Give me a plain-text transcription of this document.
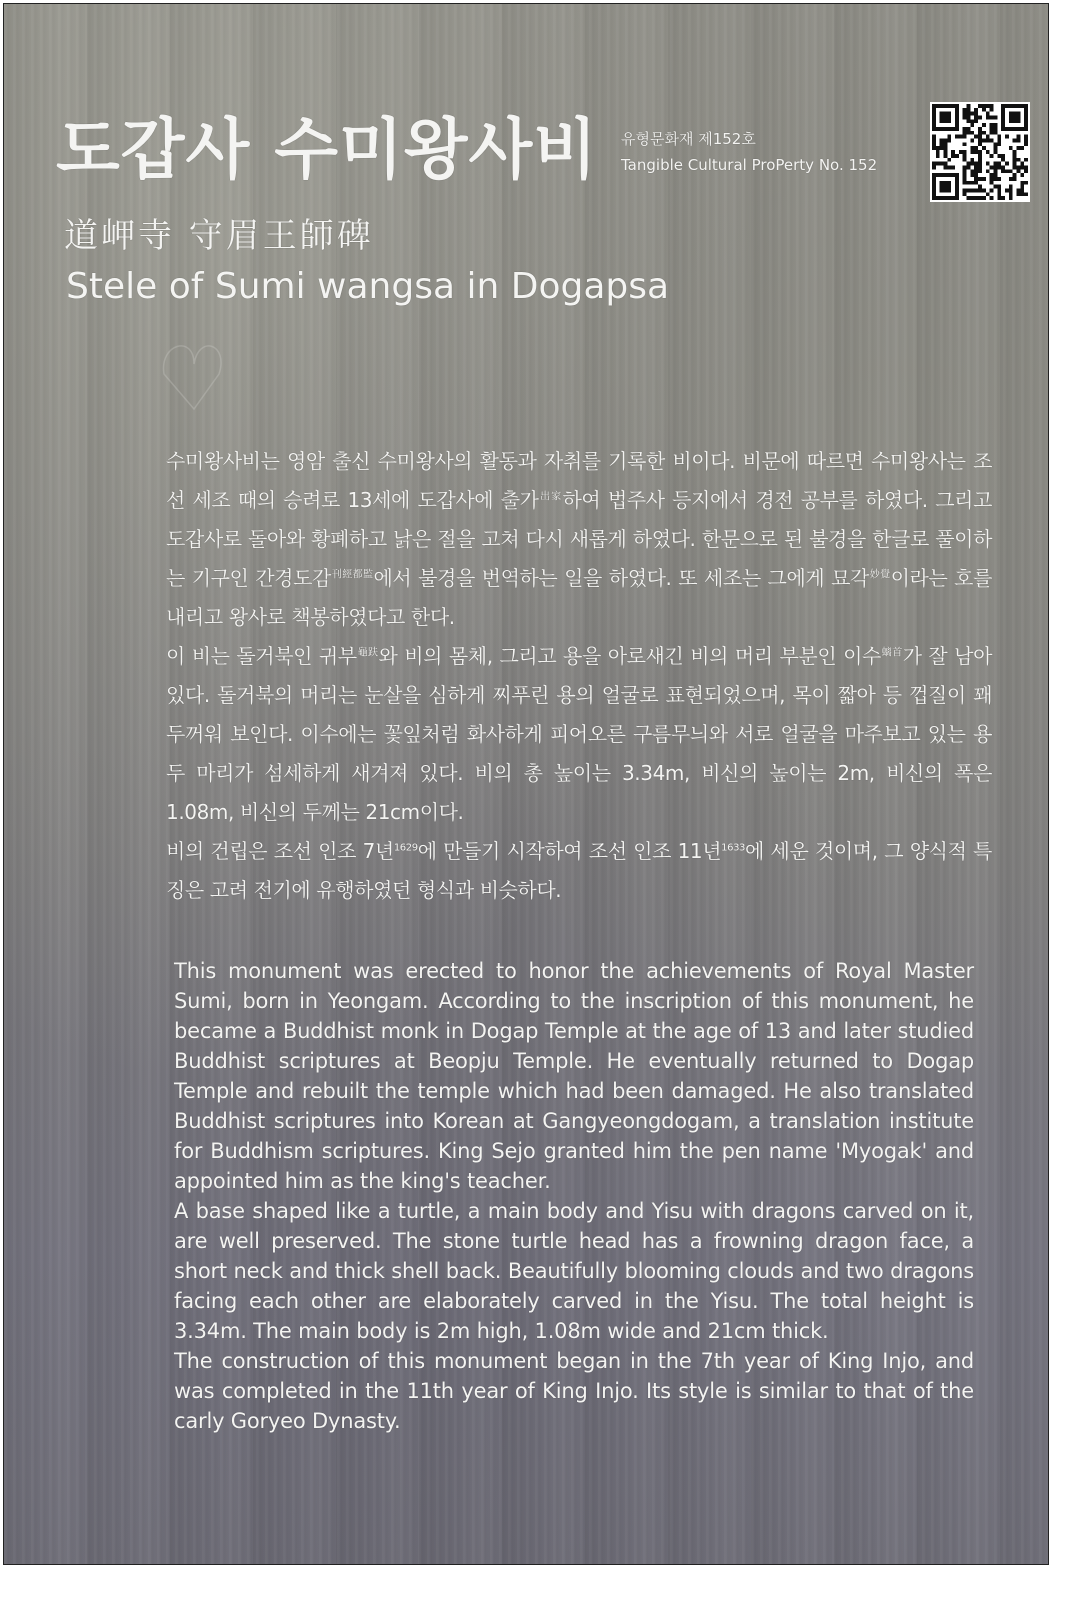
도갑사 수미왕사비 유형문화재 제152호
Tangible Cultural ProPerty No. 152
道岬寺 守眉王師碑
Stele of Sumi wangsa in Dogapsa

수미왕사비는 영암 출신 수미왕사의 활동과 자취를 기록한 비이다. 비문에 따르면 수미왕사는 조선 세조 때의 승려로 13세에 도갑사에 출가$^{出家}$하여 법주사 등지에서 경전 공부를 하였다. 그리고 도갑사로 돌아와 황폐하고 낡은 절을 고쳐 다시 새롭게 하였다. 한문으로 된 불경을 한글로 풀이하는 기구인 간경도감$^{刊經都監}$에서 불경을 번역하는 일을 하였다. 또 세조는 그에게 묘각$^{妙覺}$이라는 호를 내리고 왕사로 책봉하였다고 한다.

이 비는 돌거북인 귀부$^{龜趺}$와 비의 몸체, 그리고 용을 아로새긴 비의 머리 부분인 이수$^{螭首}$가 잘 남아있다. 돌거북의 머리는 눈살을 심하게 찌푸린 용의 얼굴로 표현되었으며, 목이 짧아 등 껍질이 꽤 두꺼워 보인다. 이수에는 꽃잎처럼 화사하게 피어오른 구름무늬와 서로 얼굴을 마주보고 있는 용 두 마리가 섬세하게 새겨져 있다. 비의 총 높이는 3.34m, 비신의 높이는 2m, 비신의 폭은 1.08m, 비신의 두께는 21cm이다.

비의 건립은 조선 인조 7년$^{1629}$에 만들기 시작하여 조선 인조 11년$^{1633}$에 세운 것이며, 그 양식적 특징은 고려 전기에 유행하였던 형식과 비슷하다.

This monument was erected to honor the achievements of Royal Master Sumi, born in Yeongam. According to the inscription of this monument, he became a Buddhist monk in Dogap Temple at the age of 13 and later studied Buddhist scriptures at Beopju Temple. He eventually returned to Dogap Temple and rebuilt the temple which had been damaged. He also translated Buddhist scriptures into Korean at Gangyeongdogam, a translation institute for Buddhism scriptures. King Sejo granted him the pen name 'Myogak' and appointed him as the king's teacher.

A base shaped like a turtle, a main body and Yisu with dragons carved on it, are well preserved. The stone turtle head has a frowning dragon face, a short neck and thick shell back. Beautifully blooming clouds and two dragons facing each other are elaborately carved in the Yisu. The total height is 3.34m. The main body is 2m high, 1.08m wide and 21cm thick.

The construction of this monument began in the 7th year of King Injo, and was completed in the 11th year of King Injo. Its style is similar to that of the carly Goryeo Dynasty.
